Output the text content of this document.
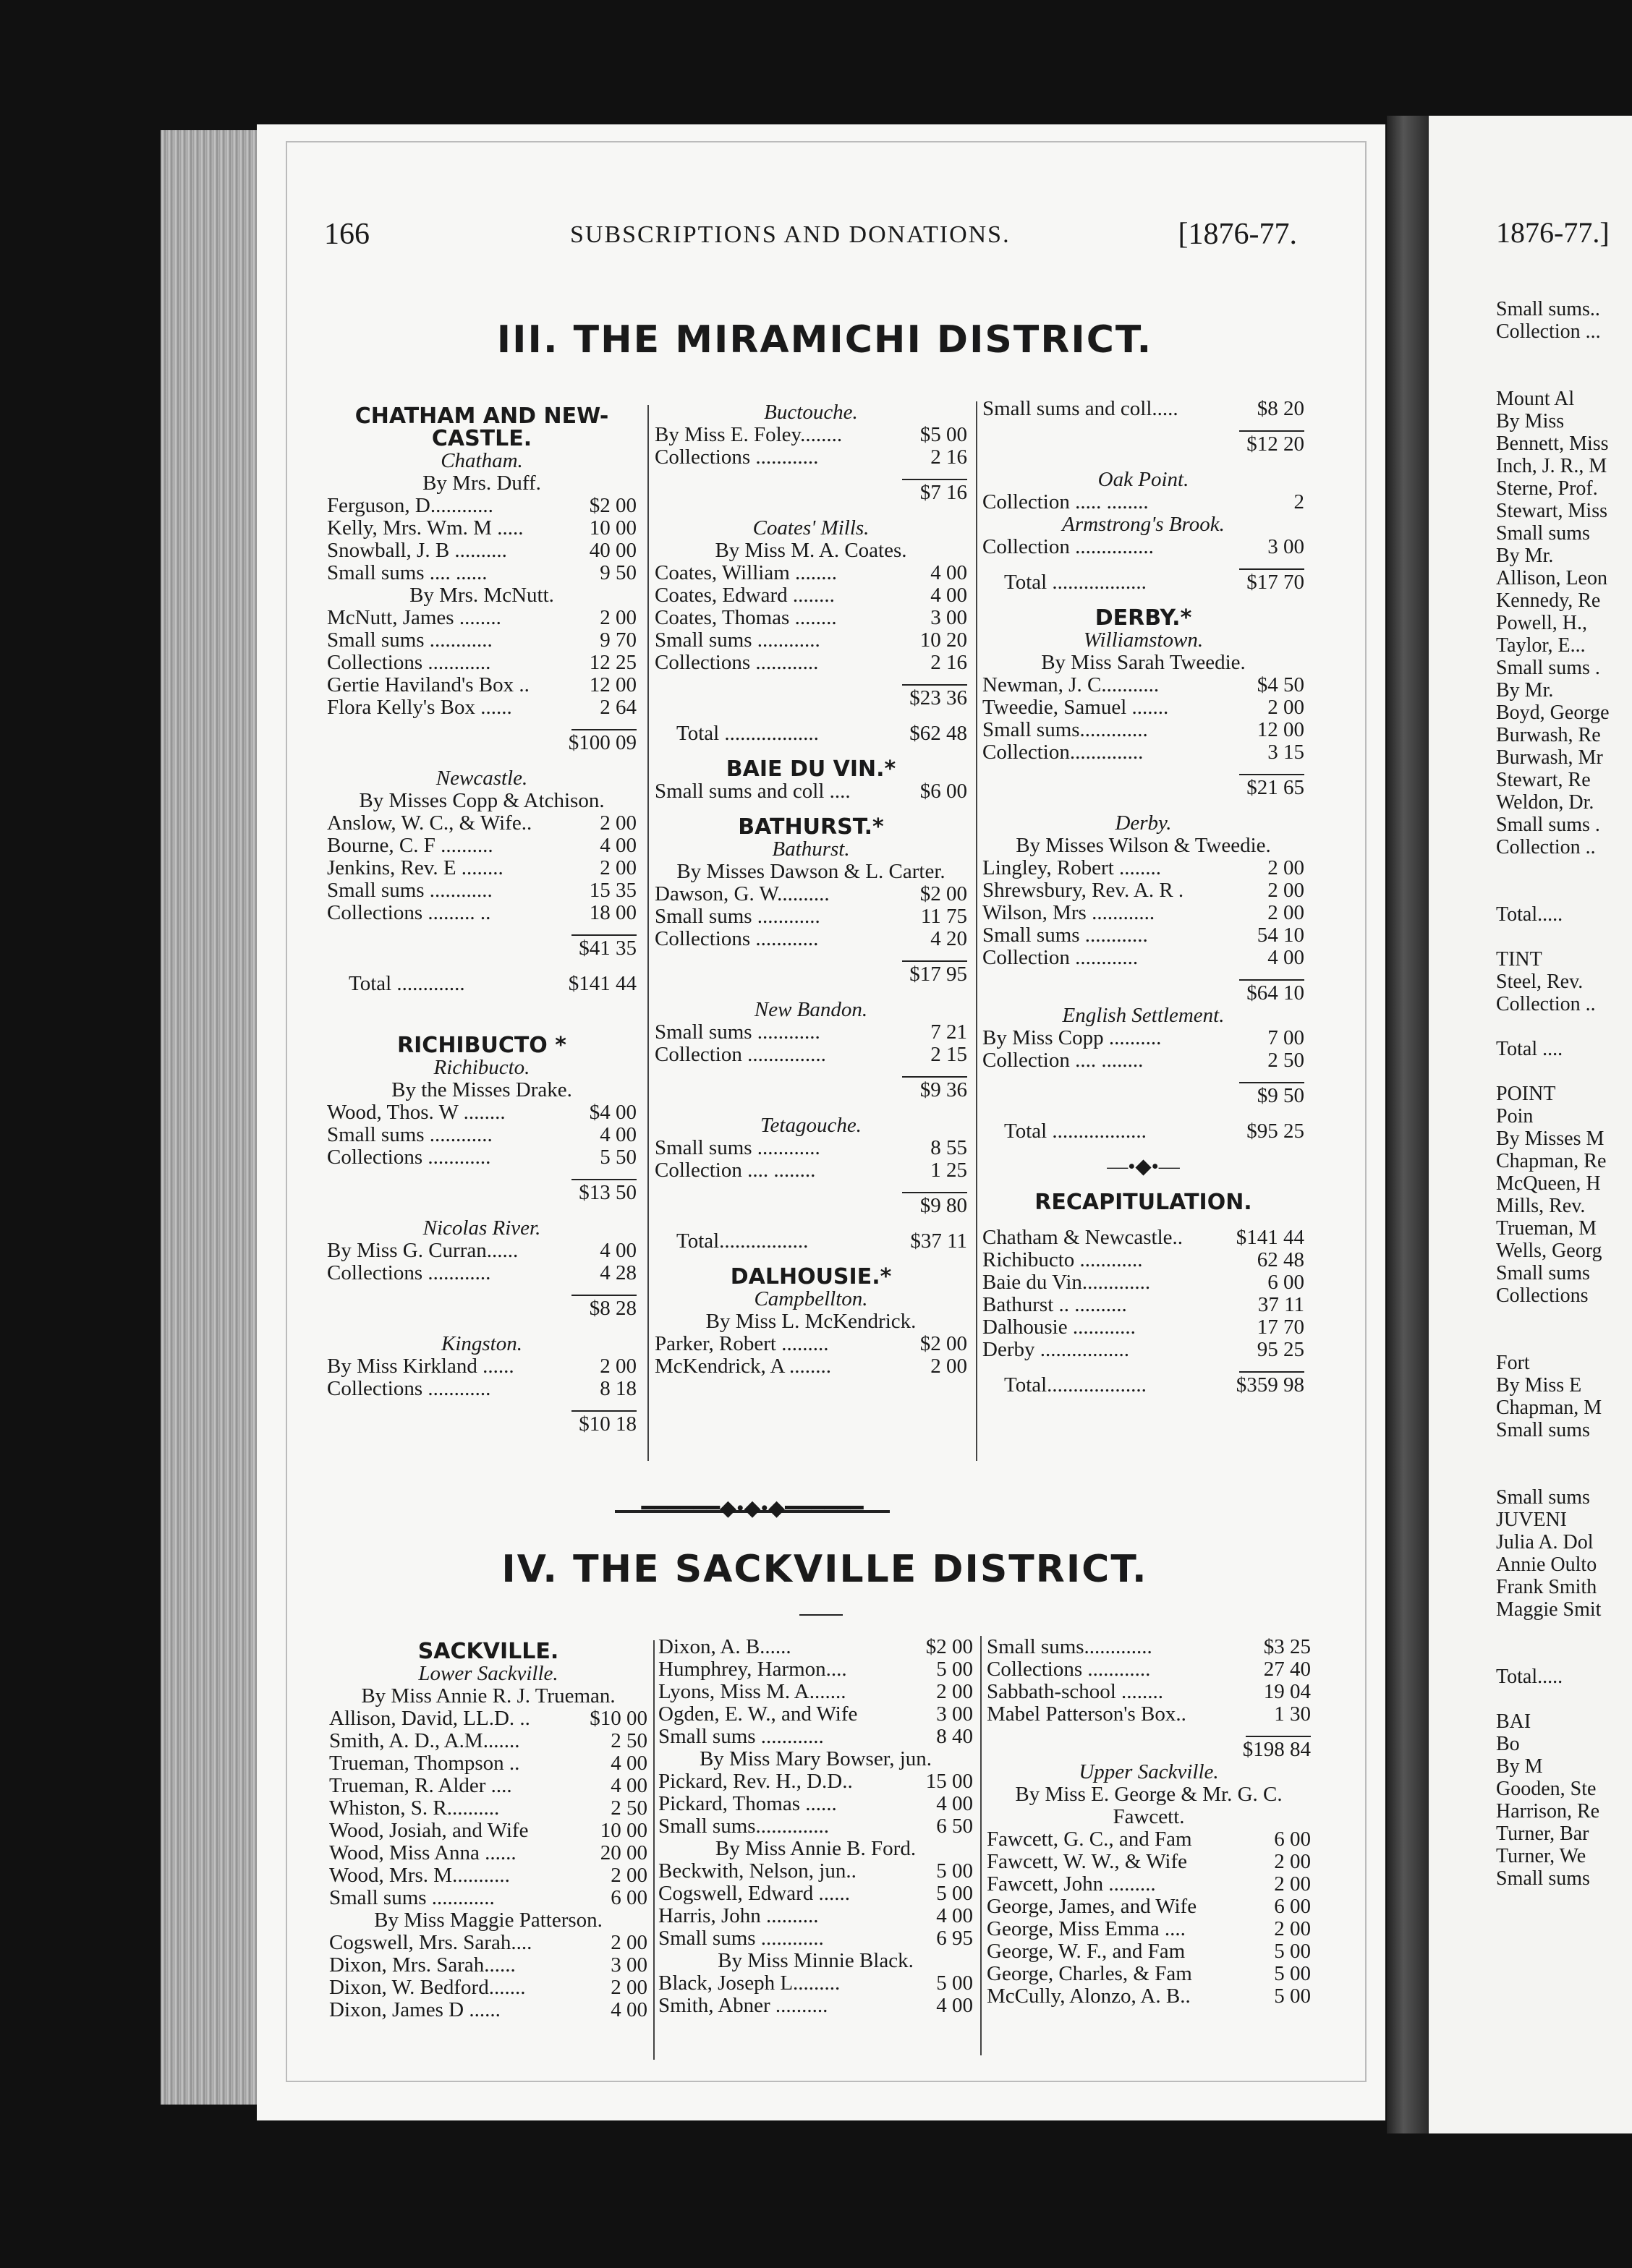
166	SUBSCRIPTIONS AND DONATIONS.	[1876-77.
III. THE MIRAMICHI DISTRICT.
CHATHAM AND NEW-
CASTLE.
Chatham.
By Mrs. Duff.
Ferguson, D............	$2 00
Kelly, Mrs. Wm. M .....	10 00
Snowball, J. B ..........	40 00
Small sums .... ......	9 50
By Mrs. McNutt.
McNutt, James ........	2 00
Small sums ............	9 70
Collections ............	12 25
Gertie Haviland's Box ..	12 00
Flora Kelly's Box ......	2 64
$100 09
Newcastle.
By Misses Copp & Atchison.
Anslow, W. C., & Wife..	2 00
Bourne, C. F ..........	4 00
Jenkins, Rev. E ........	2 00
Small sums ............	15 35
Collections ......... ..	18 00
$41 35
Total .............	$141 44
RICHIBUCTO *
Richibucto.
By the Misses Drake.
Wood, Thos. W ........	$4 00
Small sums ............	4 00
Collections ............	5 50
$13 50
Nicolas River.
By Miss G. Curran......	4 00
Collections ............	4 28
$8 28
Kingston.
By Miss Kirkland ......	2 00
Collections ............	8 18
$10 18
Buctouche.
By Miss E. Foley........	$5 00
Collections ............	2 16
$7 16
Coates' Mills.
By Miss M. A. Coates.
Coates, William ........	4 00
Coates, Edward ........	4 00
Coates, Thomas ........	3 00
Small sums ............	10 20
Collections ............	2 16
$23 36
Total ..................	$62 48
BAIE DU VIN.*
Small sums and coll ....	$6 00
BATHURST.*
Bathurst.
By Misses Dawson & L. Carter.
Dawson, G. W..........	$2 00
Small sums ............	11 75
Collections ............	4 20
$17 95
New Bandon.
Small sums ............	7 21
Collection ...............	2 15
$9 36
Tetagouche.
Small sums ............	8 55
Collection .... ........	1 25
$9 80
Total.................	$37 11
DALHOUSIE.*
Campbellton.
By Miss L. McKendrick.
Parker, Robert .........	$2 00
McKendrick, A ........	2 00
Small sums and coll.....	$8 20
$12 20
Oak Point.
Collection ..... ........	2
Armstrong's Brook.
Collection ...............	3 00
Total ..................	$17 70
DERBY.*
Williamstown.
By Miss Sarah Tweedie.
Newman, J. C...........	$4 50
Tweedie, Samuel .......	2 00
Small sums.............	12 00
Collection..............	3 15
$21 65
Derby.
By Misses Wilson & Tweedie.
Lingley, Robert ........	2 00
Shrewsbury, Rev. A. R .	2 00
Wilson, Mrs ............	2 00
Small sums ............	54 10
Collection ............	4 00
$64 10
English Settlement.
By Miss Copp ..........	7 00
Collection .... ........	2 50
$9 50
Total ..................	$95 25
—•◆•—
RECAPITULATION.
Chatham & Newcastle..	$141 44
Richibucto ............	62 48
Baie du Vin.............	6 00
Bathurst .. ..........	37 11
Dalhousie ............	17 70
Derby .................	95 25
Total...................	$359 98
━━━━━━◆•◆•◆━━━━━━
IV. THE SACKVILLE DISTRICT.
SACKVILLE.
Lower Sackville.
By Miss Annie R. J. Trueman.
Allison, David, LL.D. ..	$10 00
Smith, A. D., A.M.......	2 50
Trueman, Thompson ..	4 00
Trueman, R. Alder ....	4 00
Whiston, S. R..........	2 50
Wood, Josiah, and Wife	10 00
Wood, Miss Anna ......	20 00
Wood, Mrs. M...........	2 00
Small sums ............	6 00
By Miss Maggie Patterson.
Cogswell, Mrs. Sarah....	2 00
Dixon, Mrs. Sarah......	3 00
Dixon, W. Bedford.......	2 00
Dixon, James D ......	4 00
Dixon, A. B......	$2 00
Humphrey, Harmon....	5 00
Lyons, Miss M. A.......	2 00
Ogden, E. W., and Wife	3 00
Small sums ............	8 40
By Miss Mary Bowser, jun.
Pickard, Rev. H., D.D..	15 00
Pickard, Thomas ......	4 00
Small sums..............	6 50
By Miss Annie B. Ford.
Beckwith, Nelson, jun..	5 00
Cogswell, Edward ......	5 00
Harris, John ..........	4 00
Small sums ............	6 95
By Miss Minnie Black.
Black, Joseph L.........	5 00
Smith, Abner ..........	4 00
Small sums.............	$3 25
Collections ............	27 40
Sabbath-school ........	19 04
Mabel Patterson's Box..	1 30
$198 84
Upper Sackville.
By Miss E. George & Mr. G. C.
Fawcett.
Fawcett, G. C., and Fam	6 00
Fawcett, W. W., & Wife	2 00
Fawcett, John .........	2 00
George, James, and Wife	6 00
George, Miss Emma ....	2 00
George, W. F., and Fam	5 00
George, Charles, & Fam	5 00
McCully, Alonzo, A. B..	5 00
1876-77.]
Small sums..
Collection ...
Mount Al
By Miss
Bennett, Miss
Inch, J. R., M
Sterne, Prof.
Stewart, Miss
Small sums
By Mr.
Allison, Leon
Kennedy, Re
Powell, H.,
Taylor, E...
Small sums .
By Mr.
Boyd, George
Burwash, Re
Burwash, Mr
Stewart, Re
Weldon, Dr.
Small sums .
Collection ..
Total.....
TINT
Steel, Rev.
Collection ..
Total ....
POINT
Poin
By Misses M
Chapman, Re
McQueen, H
Mills, Rev.
Trueman, M
Wells, Georg
Small sums
Collections
Fort
By Miss E
Chapman, M
Small sums
Small sums
JUVENI
Julia A. Dol
Annie Oulto
Frank Smith
Maggie Smit
Total.....
BAI
Bo
By M
Gooden, Ste
Harrison, Re
Turner, Bar
Turner, We
Small sums
